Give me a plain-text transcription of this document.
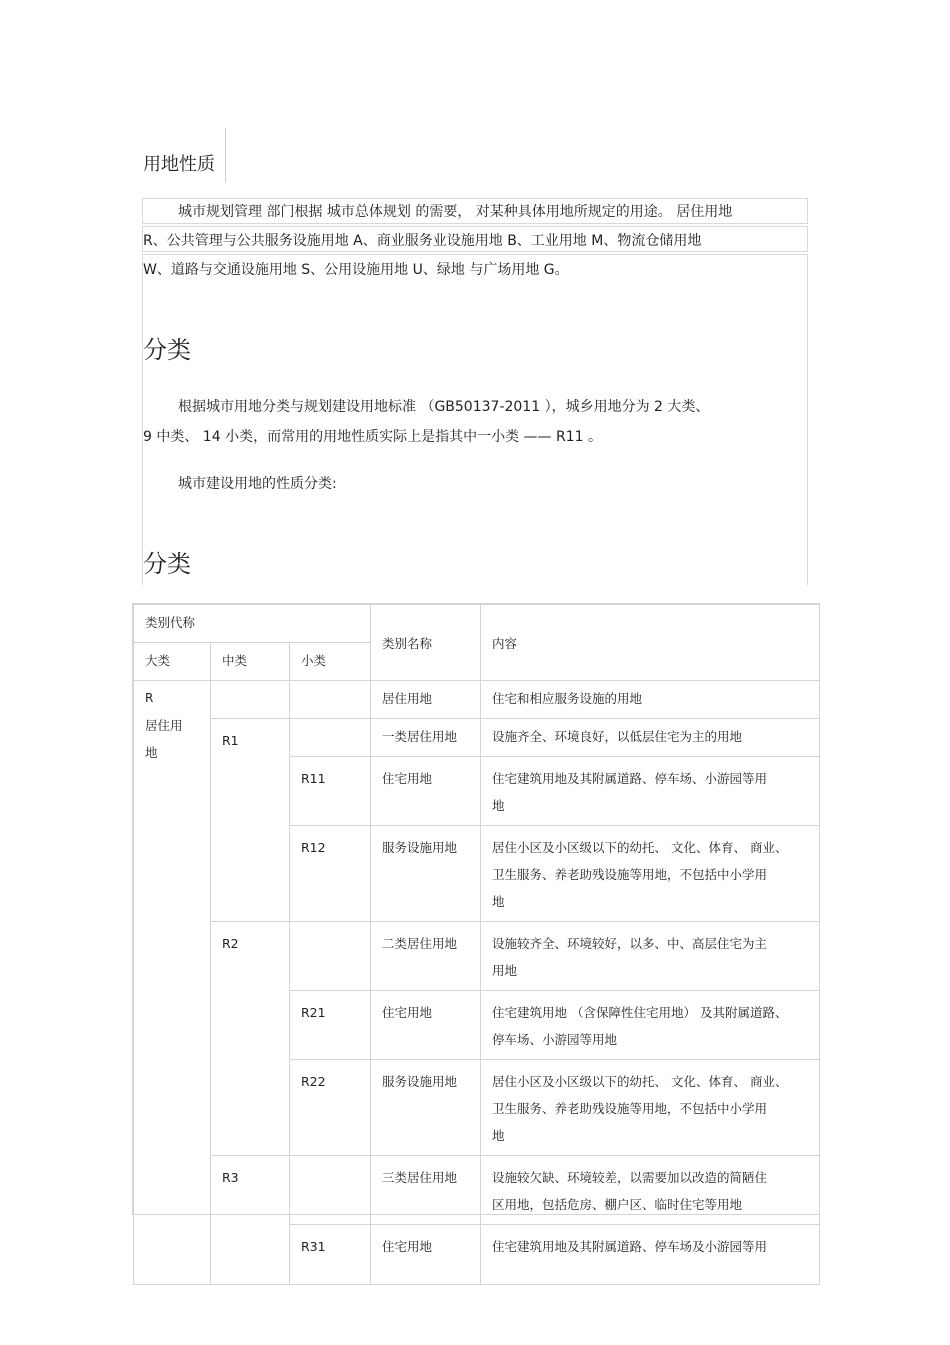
用地性质
城市规划管理 部门根据 城市总体规划 的需要， 对某种具体用地所规定的用途。 居住用地
R、公共管理与公共服务设施用地 A、商业服务业设施用地 B、工业用地 M、物流仓储用地
W、道路与交通设施用地 S、公用设施用地 U、绿地 与广场用地 G。
分类
根据城市用地分类与规划建设用地标准 （GB50137-2011 ），城乡用地分为 2 大类、
9 中类、 14 小类，而常用的用地性质实际上是指其中一小类 —— R11 。
城市建设用地的性质分类:
分类
类别代称			类别名称	内容
大类	中类	小类		

R
居住用
地			居住用地	住宅和相应服务设施的用地
	R1		一类居住用地	设施齐全、环境良好，以低层住宅为主的用地
		R11	住宅用地	住宅建筑用地及其附属道路、停车场、小游园等用
地
		R12	服务设施用地	居住小区及小区级以下的幼托、 文化、体育、 商业、
卫生服务、养老助残设施等用地，不包括中小学用
地
	R2		二类居住用地	设施较齐全、环境较好，以多、中、高层住宅为主
用地
		R21	住宅用地	住宅建筑用地 （含保障性住宅用地） 及其附属道路、
停车场、小游园等用地
		R22	服务设施用地	居住小区及小区级以下的幼托、 文化、体育、 商业、
卫生服务、养老助残设施等用地，不包括中小学用
地
	R3		三类居住用地	设施较欠缺、环境较差，以需要加以改造的简陋住
区用地，包括危房、棚户区、临时住宅等用地
		R31	住宅用地	住宅建筑用地及其附属道路、停车场及小游园等用
